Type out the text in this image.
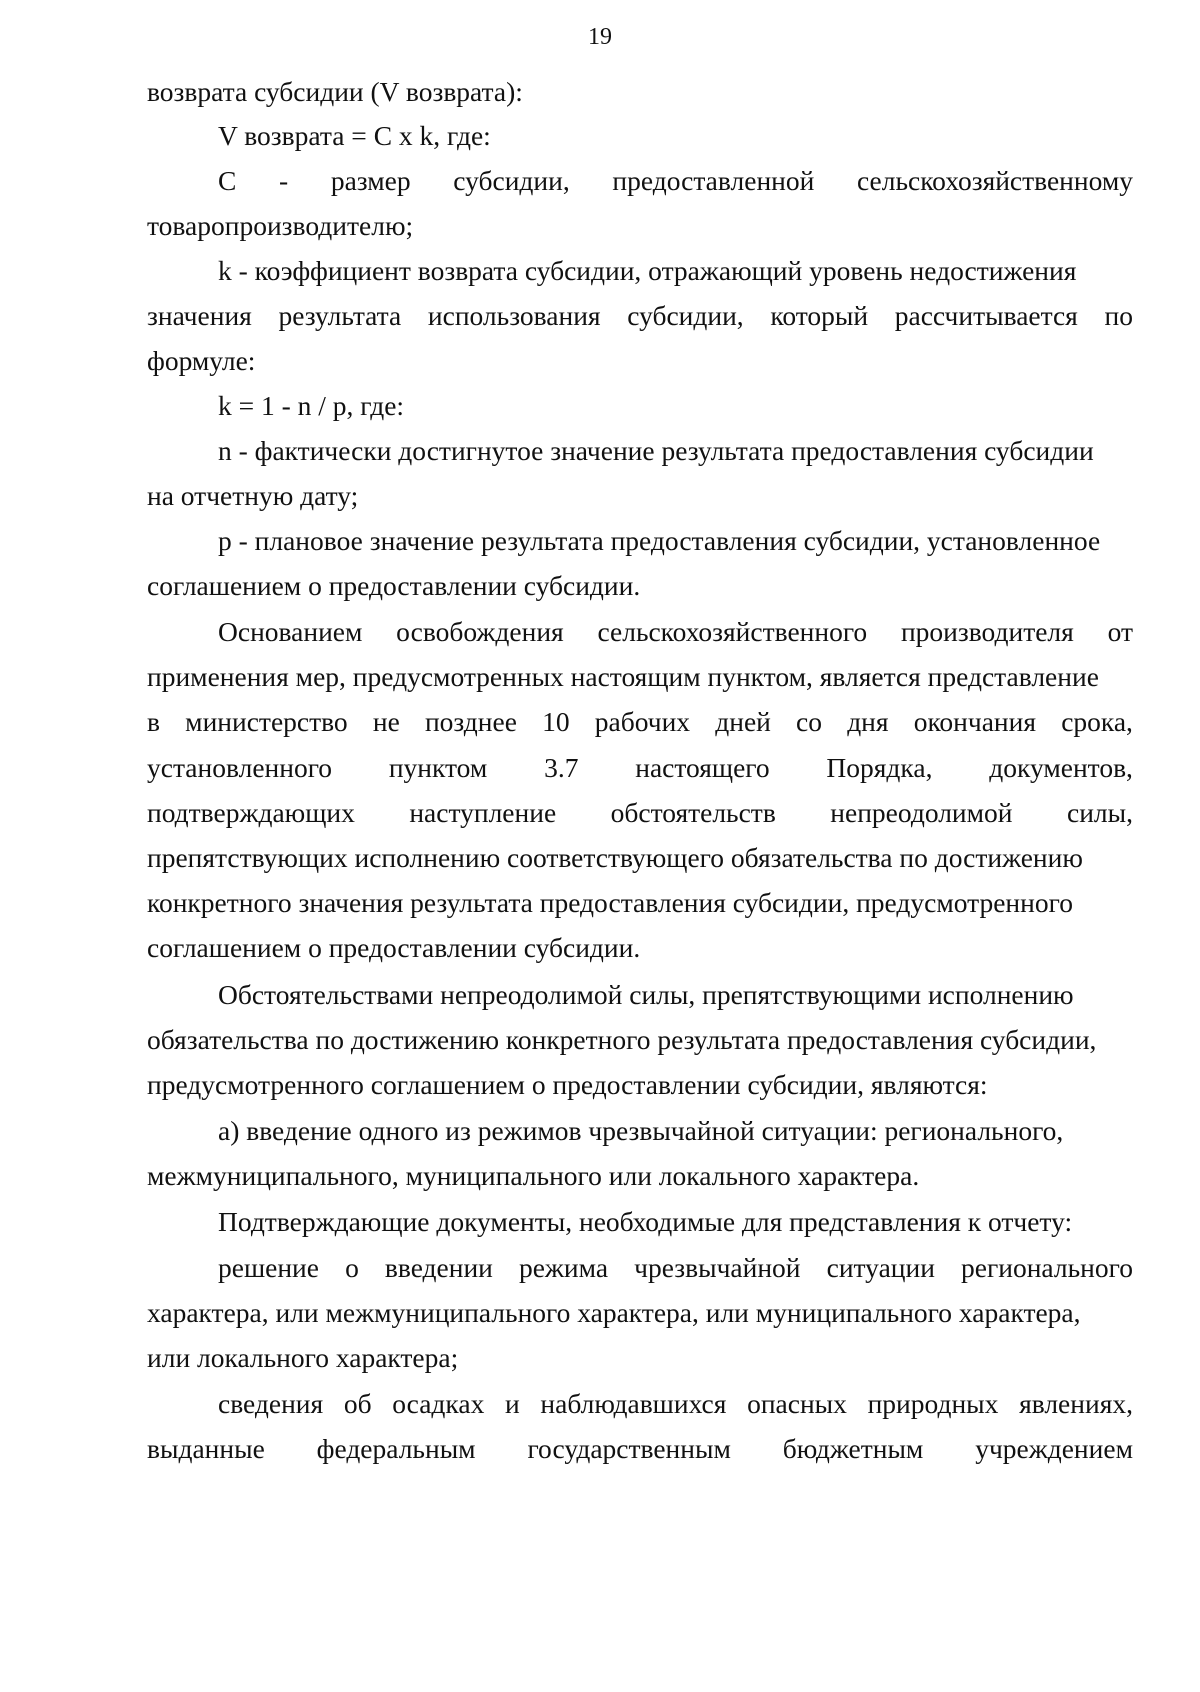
19
возврата субсидии (V возврата):
V возврата = C x k, где:
С - размер субсидии, предоставленной сельскохозяйственному
товаропроизводителю;
k - коэффициент возврата субсидии, отражающий уровень недостижения
значения результата использования субсидии, который рассчитывается по
формуле:
k = 1 - n / p, где:
n - фактически достигнутое значение результата предоставления субсидии
на отчетную дату;
р - плановое значение результата предоставления субсидии, установленное
соглашением о предоставлении субсидии.
Основанием освобождения сельскохозяйственного производителя от
применения мер, предусмотренных настоящим пунктом, является представление
в министерство не позднее 10 рабочих дней со дня окончания срока,
установленного пунктом 3.7 настоящего Порядка, документов,
подтверждающих наступление обстоятельств непреодолимой силы,
препятствующих исполнению соответствующего обязательства по достижению
конкретного значения результата предоставления субсидии, предусмотренного
соглашением о предоставлении субсидии.
Обстоятельствами непреодолимой силы, препятствующими исполнению
обязательства по достижению конкретного результата предоставления субсидии,
предусмотренного соглашением о предоставлении субсидии, являются:
а) введение одного из режимов чрезвычайной ситуации: регионального,
межмуниципального, муниципального или локального характера.
Подтверждающие документы, необходимые для представления к отчету:
решение о введении режима чрезвычайной ситуации регионального
характера, или межмуниципального характера, или муниципального характера,
или локального характера;
сведения об осадках и наблюдавшихся опасных природных явлениях,
выданные федеральным государственным бюджетным учреждением
